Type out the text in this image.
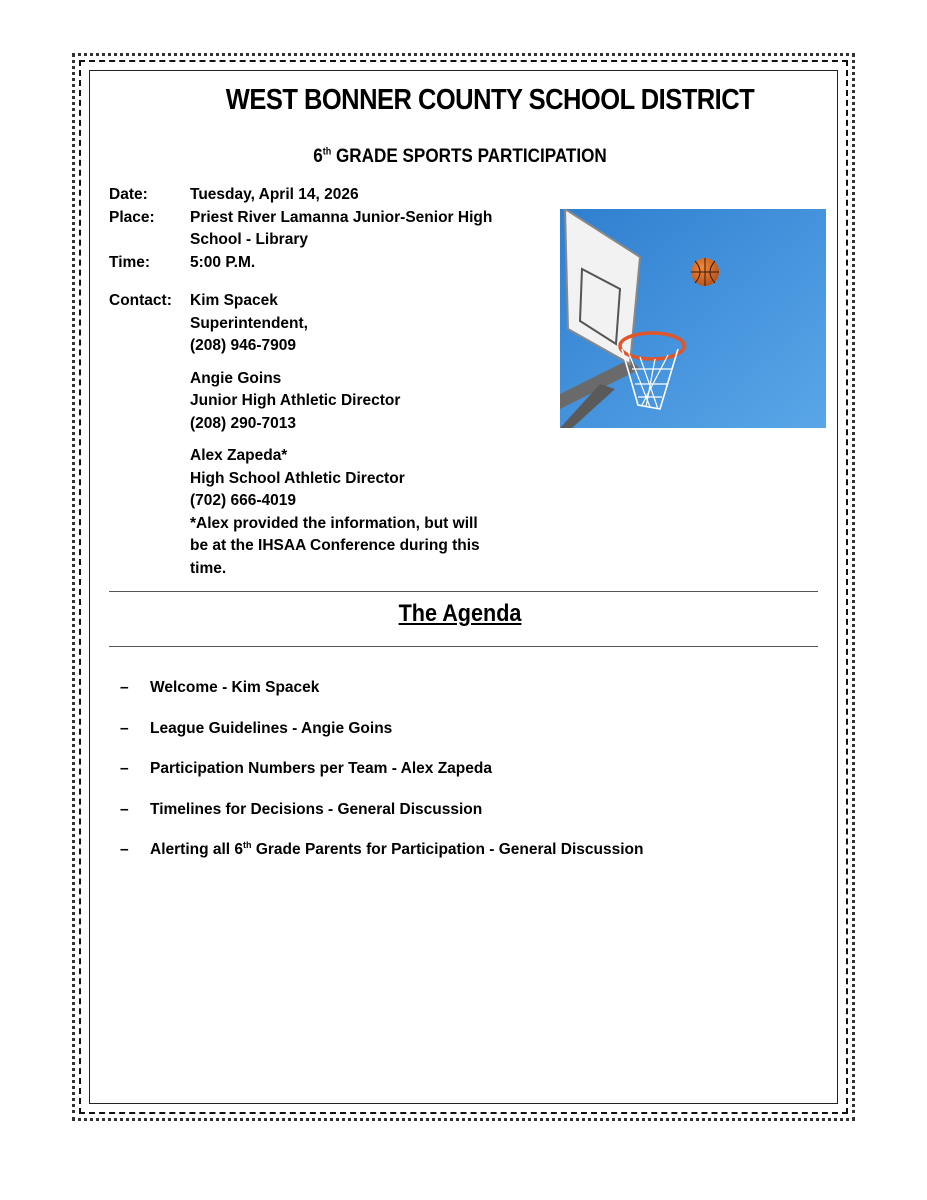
WEST BONNER COUNTY SCHOOL DISTRICT
6th GRADE SPORTS PARTICIPATION
Date:	Tuesday, April 14, 2026
Place:	Priest River Lamanna Junior-Senior High
School - Library
Time:	5:00 P.M.
Contact:	Kim Spacek
Superintendent,
(208) 946-7909
Angie Goins
Junior High Athletic Director
(208) 290-7013
Alex Zapeda*
High School Athletic Director
(702) 666-4019
*Alex provided the information, but will
be at the IHSAA Conference during this
time.
The Agenda
–	Welcome - Kim Spacek
–	League Guidelines - Angie Goins
–	Participation Numbers per Team - Alex Zapeda
–	Timelines for Decisions - General Discussion
–	Alerting all 6th Grade Parents for Participation - General Discussion
